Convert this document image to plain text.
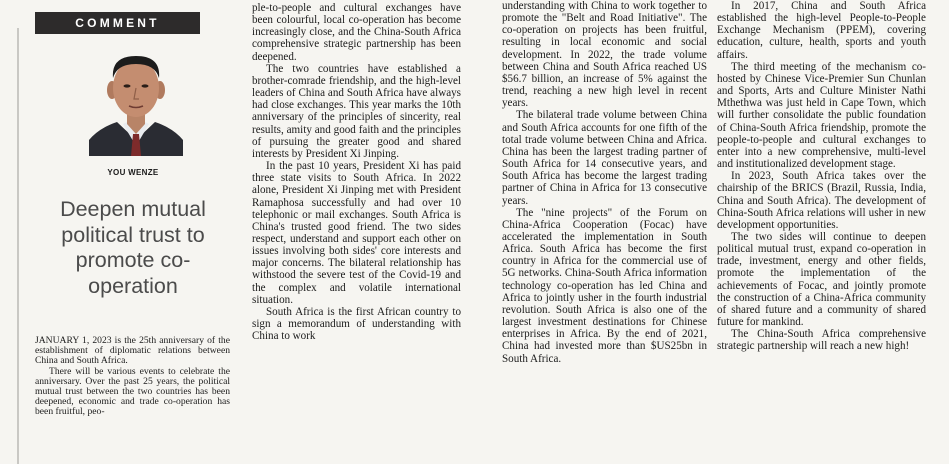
COMMENT
YOU WENZE
Deepen mutual political trust to promote co-operation

JANUARY 1, 2023 is the 25th anniversary of the establishment of diplomatic relations between China and South Africa.

There will be various events to celebrate the anniversary. Over the past 25 years, the political mutual trust between the two countries has been deepened, economic and trade co-operation has been fruitful, peo-

ple-to-people and cultural exchanges have been colourful, local co-operation has become increasingly close, and the China-South Africa comprehensive strategic partnership has been deepened.

The two countries have established a brother-comrade friendship, and the high-level leaders of China and South Africa have always had close exchanges. This year marks the 10th anniversary of the principles of sincerity, real results, amity and good faith and the principles of pursuing the greater good and shared interests by President Xi Jinping.

In the past 10 years, President Xi has paid three state visits to South Africa. In 2022 alone, President Xi Jinping met with President Ramaphosa successfully and had over 10 telephonic or mail exchanges. South Africa is China's trusted good friend. The two sides respect, understand and support each other on issues involving both sides' core interests and major concerns. The bilateral relationship has withstood the severe test of the Covid-19 and the complex and volatile international situation.

South Africa is the first African country to sign a memorandum of understanding with China to work

understanding with China to work together to promote the "Belt and Road Initiative". The co-operation on projects has been fruitful, resulting in local economic and social development. In 2022, the trade volume between China and South Africa reached US $56.7 billion, an increase of 5% against the trend, reaching a new high level in recent years.

The bilateral trade volume between China and South Africa accounts for one fifth of the total trade volume between China and Africa. China has been the largest trading partner of South Africa for 14 consecutive years, and South Africa has become the largest trading partner of China in Africa for 13 consecutive years.

The "nine projects" of the Forum on China-Africa Cooperation (Focac) have accelerated the implementation in South Africa. South Africa has become the first country in Africa for the commercial use of 5G networks. China-South Africa information technology co-operation has led China and Africa to jointly usher in the fourth industrial revolution. South Africa is also one of the largest investment destinations for Chinese enterprises in Africa. By the end of 2021, China had invested more than $US25bn in South Africa.

In 2017, China and South Africa established the high-level People-to-People Exchange Mechanism (PPEM), covering education, culture, health, sports and youth affairs.

The third meeting of the mechanism co-hosted by Chinese Vice-Premier Sun Chunlan and Sports, Arts and Culture Minister Nathi Mthethwa was just held in Cape Town, which will further consolidate the public foundation of China-South Africa friendship, promote the people-to-people and cultural exchanges to enter into a new comprehensive, multi-level and institutionalized development stage.

In 2023, South Africa takes over the chairship of the BRICS (Brazil, Russia, India, China and South Africa). The development of China-South Africa relations will usher in new development opportunities.

The two sides will continue to deepen political mutual trust, expand co-operation in trade, investment, energy and other fields, promote the implementation of the achievements of Focac, and jointly promote the construction of a China-Africa community of shared future and a community of shared future for mankind.

The China-South Africa comprehensive strategic partnership will reach a new high!
